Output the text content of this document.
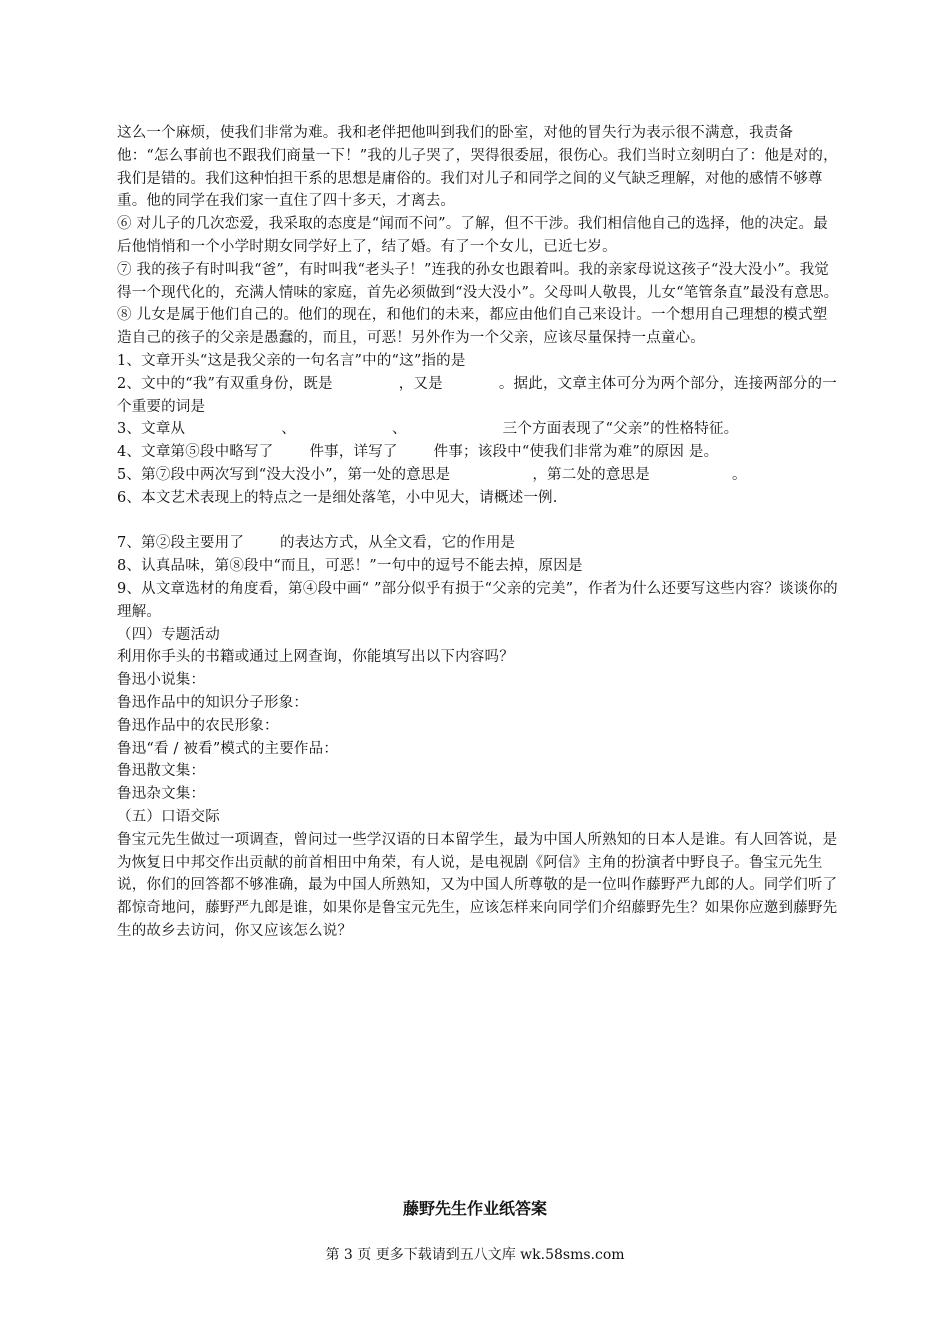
这么一个麻烦，使我们非常为难。我和老伴把他叫到我们的卧室，对他的冒失行为表示很不满意，我责备他：“怎么事前也不跟我们商量一下！”我的儿子哭了，哭得很委屈，很伤心。我们当时立刻明白了：他是对的，我们是错的。我们这种怕担干系的思想是庸俗的。我们对儿子和同学之间的义气缺乏理解，对他的感情不够尊重。他的同学在我们家一直住了四十多天，才离去。

⑥ 对儿子的几次恋爱，我采取的态度是“闻而不问”。了解，但不干涉。我们相信他自己的选择，他的决定。最后他悄悄和一个小学时期女同学好上了，结了婚。有了一个女儿，已近七岁。

⑦ 我的孩子有时叫我“爸”，有时叫我“老头子！”连我的孙女也跟着叫。我的亲家母说这孩子“没大没小”。我觉得一个现代化的，充满人情味的家庭，首先必须做到“没大没小”。父母叫人敬畏，儿女“笔管条直”最没有意思。

⑧ 儿女是属于他们自己的。他们的现在，和他们的未来，都应由他们自己来设计。一个想用自己理想的模式塑造自己的孩子的父亲是愚蠢的，而且，可恶！另外作为一个父亲，应该尽量保持一点童心。

1、文章开头“这是我父亲的一句名言”中的“这”指的是

2、文中的“我”有双重身份，既是	，又是	。据此，文章主体可分为两个部分，连接两部分的一个重要的词是

3、文章从	、	、	三个方面表现了“父亲”的性格特征。

4、文章第⑤段中略写了 件事，详写了 件事；该段中“使我们非常为难”的原因 是。

5、第⑦段中两次写到“没大没小”，第一处的意思是	，第二处的意思是	。

6、本文艺术表现上的特点之一是细处落笔，小中见大，请概述一例.

7、第②段主要用了 的表达方式，从全文看，它的作用是

8、认真品味，第⑧段中“而且，可恶！”一句中的逗号不能去掉，原因是

9、从文章选材的角度看，第④段中画“ ”部分似乎有损于“父亲的完美”，作者为什么还要写这些内容？谈谈你的理解。

（四）专题活动

利用你手头的书籍或通过上网查询，你能填写出以下内容吗？

鲁迅小说集：

鲁迅作品中的知识分子形象：

鲁迅作品中的农民形象：

鲁迅“看 / 被看”模式的主要作品：

鲁迅散文集：

鲁迅杂文集：

（五）口语交际

鲁宝元先生做过一项调查，曾问过一些学汉语的日本留学生，最为中国人所熟知的日本人是谁。有人回答说，是为恢复日中邦交作出贡献的前首相田中角荣，有人说，是电视剧《阿信》主角的扮演者中野良子。鲁宝元先生说，你们的回答都不够准确，最为中国人所熟知，又为中国人所尊敬的是一位叫作藤野严九郎的人。同学们听了都惊奇地问，藤野严九郎是谁，如果你是鲁宝元先生，应该怎样来向同学们介绍藤野先生？如果你应邀到藤野先生的故乡去访问，你又应该怎么说？

藤野先生作业纸答案
第 3 页 更多下载请到五八文库 wk.58sms.com
